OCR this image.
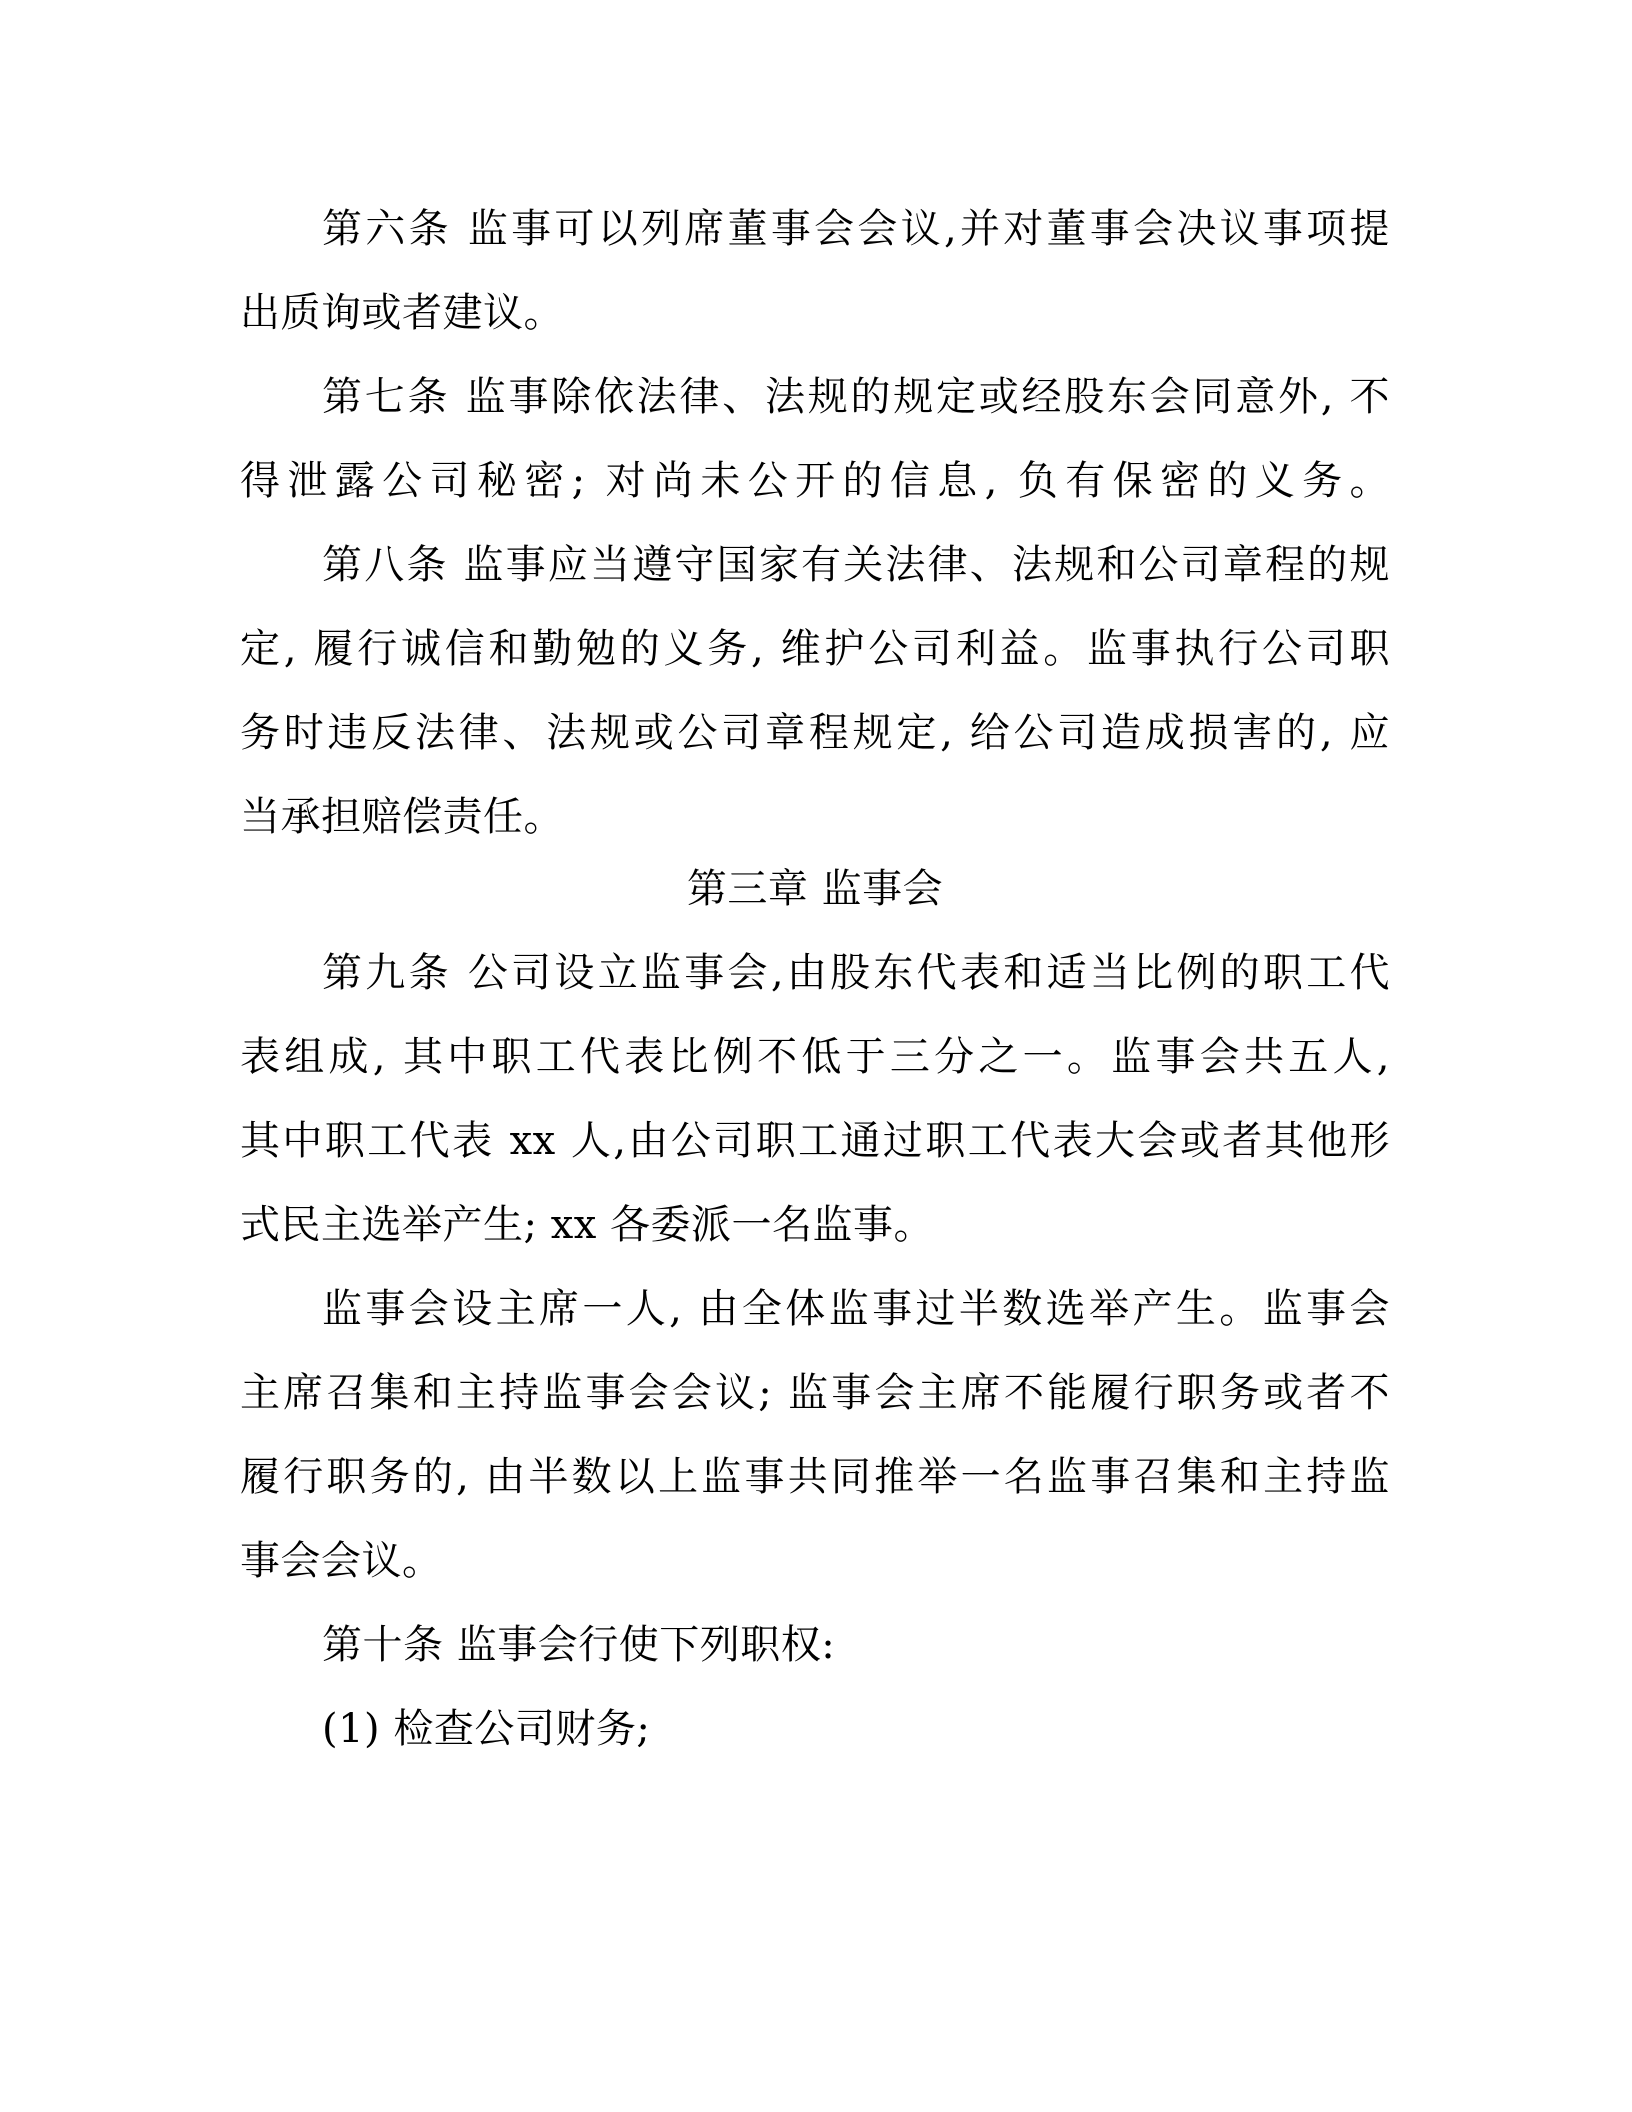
第六条 监事可以列席董事会会议,并对董事会决议事项提
出质询或者建议。
第七条 监事除依法律、法规的规定或经股东会同意外, 不
得泄露公司秘密; 对尚未公开的信息, 负有保密的义务。
第八条 监事应当遵守国家有关法律、法规和公司章程的规
定, 履行诚信和勤勉的义务, 维护公司利益。监事执行公司职
务时违反法律、法规或公司章程规定, 给公司造成损害的, 应
当承担赔偿责任。
第三章 监事会
第九条 公司设立监事会,由股东代表和适当比例的职工代
表组成, 其中职工代表比例不低于三分之一。监事会共五人,
其中职工代表 xx 人,由公司职工通过职工代表大会或者其他形
式民主选举产生; xx 各委派一名监事。
监事会设主席一人, 由全体监事过半数选举产生。监事会
主席召集和主持监事会会议; 监事会主席不能履行职务或者不
履行职务的, 由半数以上监事共同推举一名监事召集和主持监
事会会议。
第十条 监事会行使下列职权:
(1) 检查公司财务;
